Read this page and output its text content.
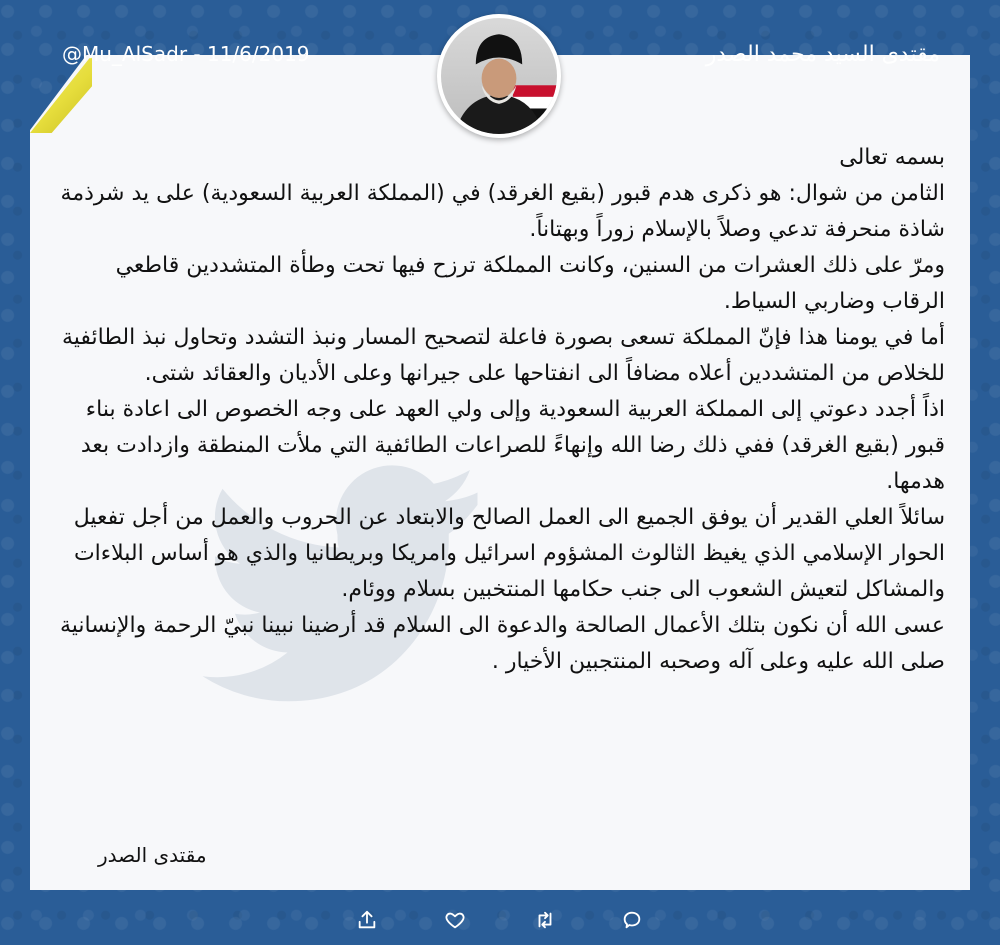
@Mu_AlSadr - 11/6/2019	مقتدى السيد محمد الصدر

بسمه تعالى

الثامن من شوال: هو ذكرى هدم قبور (بقيع الغرقد) في (المملكة العربية السعودية) على يد شرذمة شاذة منحرفة تدعي وصلاً بالإسلام زوراً وبهتاناً.

ومرّ على ذلك العشرات من السنين، وكانت المملكة ترزح فيها تحت وطأة المتشددين قاطعي الرقاب وضاربي السياط.

أما في يومنا هذا فإنّ المملكة تسعى بصورة فاعلة لتصحيح المسار ونبذ التشدد وتحاول نبذ الطائفية للخلاص من المتشددين أعلاه مضافاً الى انفتاحها على جيرانها وعلى الأديان والعقائد شتى.

اذاً أجدد دعوتي إلى المملكة العربية السعودية وإلى ولي العهد على وجه الخصوص الى اعادة بناء قبور (بقيع الغرقد) ففي ذلك رضا الله وإنهاءً للصراعات الطائفية التي ملأت المنطقة وازدادت بعد هدمها.

سائلاً العلي القدير أن يوفق الجميع الى العمل الصالح والابتعاد عن الحروب والعمل من أجل تفعيل الحوار الإسلامي الذي يغيظ الثالوث المشؤوم اسرائيل وامريكا وبريطانيا والذي هو أساس البلاءات والمشاكل لتعيش الشعوب الى جنب حكامها المنتخبين بسلام ووئام.

عسى الله أن نكون بتلك الأعمال الصالحة والدعوة الى السلام قد أرضينا نبينا نبيّ الرحمة والإنسانية صلى الله عليه وعلى آله وصحبه المنتجبين الأخيار .

مقتدى الصدر
